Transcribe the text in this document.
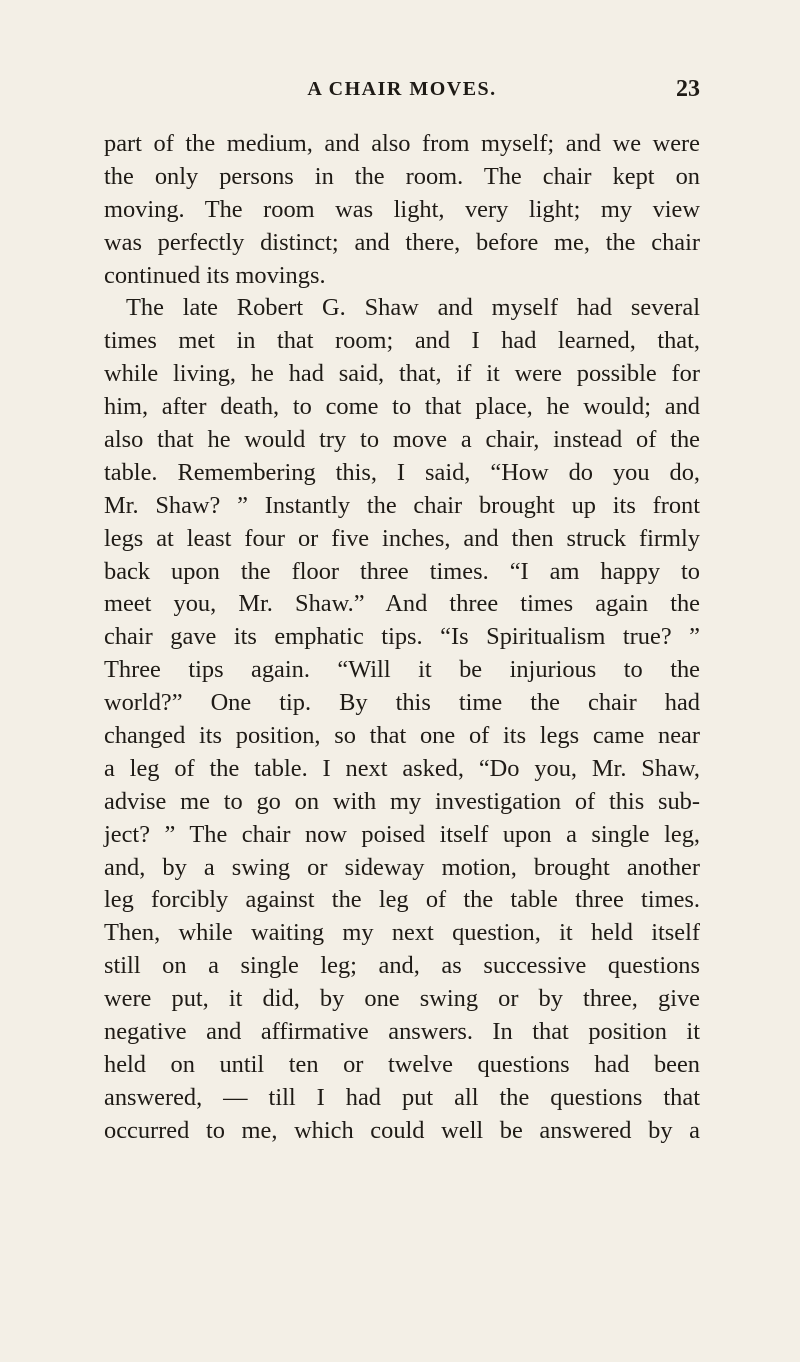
A CHAIR MOVES.	23
part of the medium, and also from myself; and we were
the only persons in the room. The chair kept on
moving. The room was light, very light; my view
was perfectly distinct; and there, before me, the chair
continued its movings.
The late Robert G. Shaw and myself had several
times met in that room; and I had learned, that,
while living, he had said, that, if it were possible for
him, after death, to come to that place, he would; and
also that he would try to move a chair, instead of the
table. Remembering this, I said, “How do you do,
Mr. Shaw? ” Instantly the chair brought up its front
legs at least four or five inches, and then struck firmly
back upon the floor three times. “I am happy to
meet you, Mr. Shaw.” And three times again the
chair gave its emphatic tips. “Is Spiritualism true? ”
Three tips again. “Will it be injurious to the
world?” One tip. By this time the chair had
changed its position, so that one of its legs came near
a leg of the table. I next asked, “Do you, Mr. Shaw,
advise me to go on with my investigation of this sub-
ject? ” The chair now poised itself upon a single leg,
and, by a swing or sideway motion, brought another
leg forcibly against the leg of the table three times.
Then, while waiting my next question, it held itself
still on a single leg; and, as successive questions
were put, it did, by one swing or by three, give
negative and affirmative answers. In that position it
held on until ten or twelve questions had been
answered, — till I had put all the questions that
occurred to me, which could well be answered by a
